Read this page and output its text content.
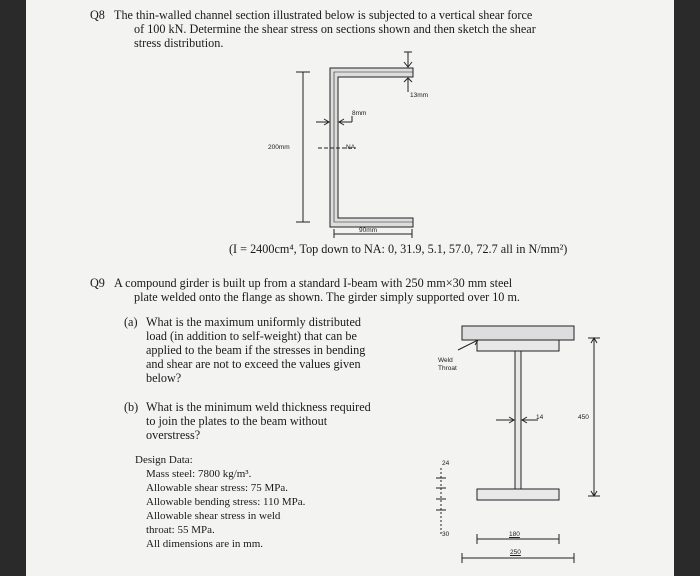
Q8 The thin-walled channel section illustrated below is subjected to a vertical shear force
of 100 kN. Determine the shear stress on sections shown and then sketch the shear
stress distribution.
13mm
8mm
200mm	NA
90mm
(I = 2400cm⁴, Top down to NA: 0, 31.9, 5.1, 57.0, 72.7 all in N/mm²)
Q9 A compound girder is built up from a standard I-beam with 250 mm×30 mm steel
plate welded onto the flange as shown. The girder simply supported over 10 m.
(a) What is the maximum uniformly distributed
load (in addition to self-weight) that can be
applied to the beam if the stresses in bending
and shear are not to exceed the values given
below?
(b) What is the minimum weld thickness required
to join the plates to the beam without
overstress?
Design Data:
Mass steel: 7800 kg/m³.
Allowable shear stress: 75 MPa.
Allowable bending stress: 110 MPa.
Allowable shear stress in weld
throat: 55 MPa.
All dimensions are in mm.
Weld
Throat
14	450
24
30	180
250
